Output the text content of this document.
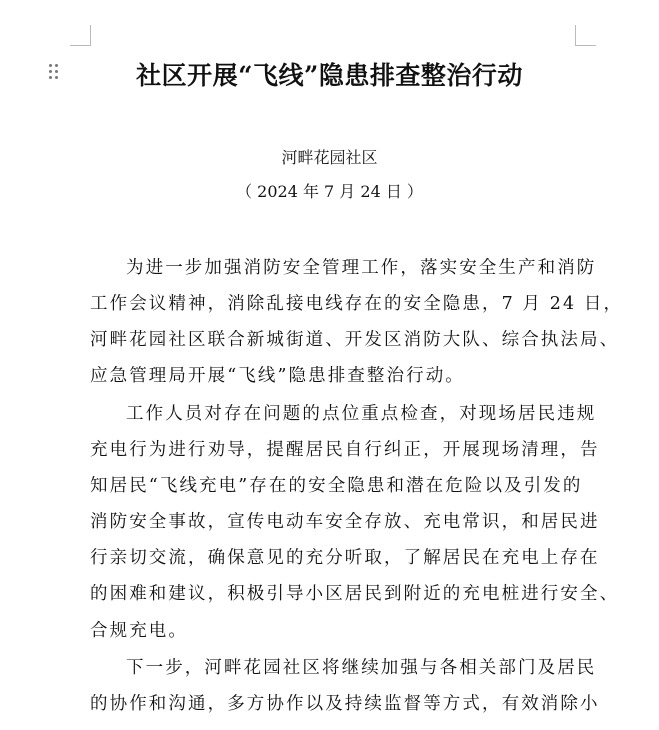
社区开展“飞线”隐患排查整治行动
河畔花园社区
（ 2024 年 7 月 24 日 ）
为进一步加强消防安全管理工作，落实安全生产和消防
工作会议精神，消除乱接电线存在的安全隐患，7 月 24 日，
河畔花园社区联合新城街道、开发区消防大队、综合执法局、
应急管理局开展“飞线”隐患排查整治行动。
工作人员对存在问题的点位重点检查，对现场居民违规
充电行为进行劝导，提醒居民自行纠正，开展现场清理，告
知居民“飞线充电”存在的安全隐患和潜在危险以及引发的
消防安全事故，宣传电动车安全存放、充电常识，和居民进
行亲切交流，确保意见的充分听取，了解居民在充电上存在
的困难和建议，积极引导小区居民到附近的充电桩进行安全、
合规充电。
下一步，河畔花园社区将继续加强与各相关部门及居民
的协作和沟通，多方协作以及持续监督等方式，有效消除小
